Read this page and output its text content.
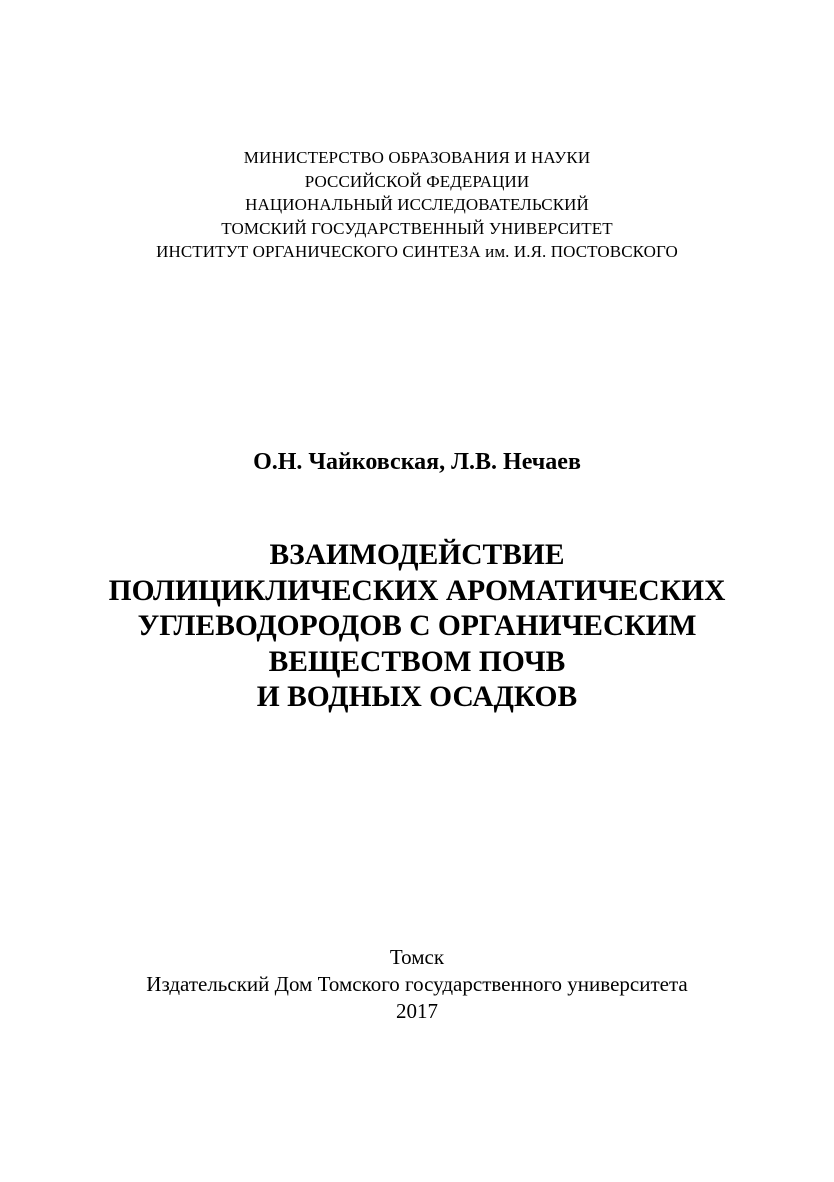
МИНИСТЕРСТВО ОБРАЗОВАНИЯ И НАУКИ
РОССИЙСКОЙ ФЕДЕРАЦИИ
НАЦИОНАЛЬНЫЙ ИССЛЕДОВАТЕЛЬСКИЙ
ТОМСКИЙ ГОСУДАРСТВЕННЫЙ УНИВЕРСИТЕТ
ИНСТИТУТ ОРГАНИЧЕСКОГО СИНТЕЗА им. И.Я. ПОСТОВСКОГО
О.Н. Чайковская, Л.В. Нечаев
ВЗАИМОДЕЙСТВИЕ
ПОЛИЦИКЛИЧЕСКИХ АРОМАТИЧЕСКИХ
УГЛЕВОДОРОДОВ С ОРГАНИЧЕСКИМ
ВЕЩЕСТВОМ ПОЧВ
И ВОДНЫХ ОСАДКОВ
Томск
Издательский Дом Томского государственного университета
2017
